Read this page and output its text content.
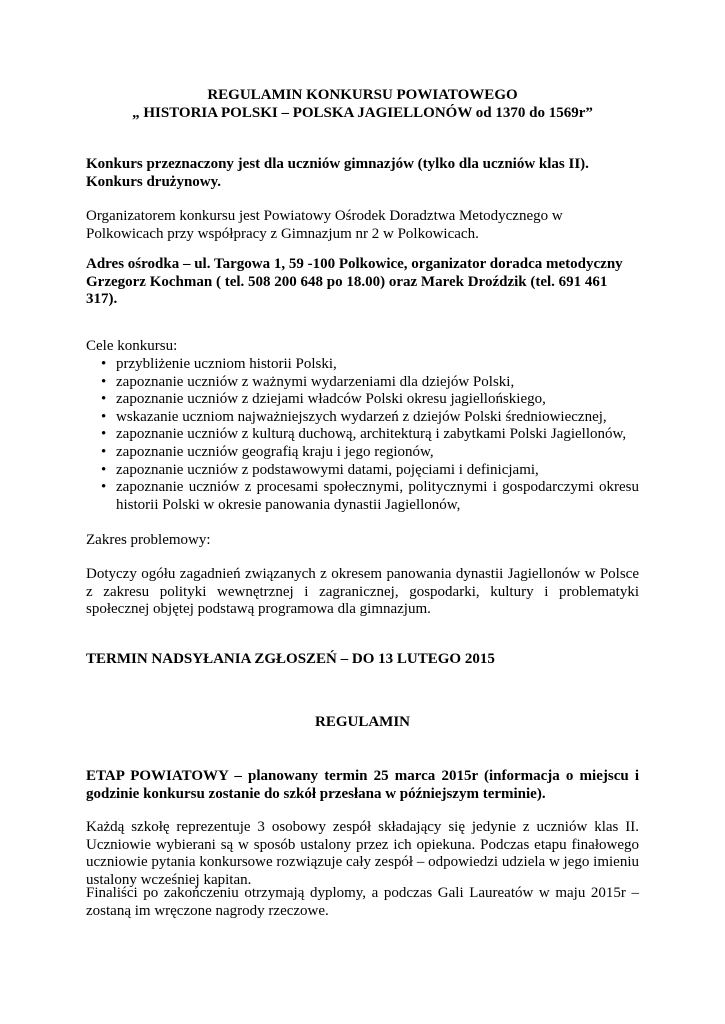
REGULAMIN KONKURSU POWIATOWEGO

„ HISTORIA POLSKI – POLSKA JAGIELLONÓW od 1370 do 1569r”

Konkurs przeznaczony jest dla uczniów gimnazjów (tylko dla uczniów klas II). Konkurs drużynowy.

Organizatorem konkursu jest Powiatowy Ośrodek Doradztwa Metodycznego w Polkowicach przy współpracy z Gimnazjum nr 2 w Polkowicach.

Adres ośrodka – ul. Targowa 1, 59 -100 Polkowice, organizator doradca metodyczny Grzegorz Kochman ( tel. 508 200 648 po 18.00) oraz Marek Droździk (tel. 691 461 317).

Cele konkursu:

• przybliżenie uczniom historii Polski,
• zapoznanie uczniów z ważnymi wydarzeniami dla dziejów Polski,
• zapoznanie uczniów z dziejami władców Polski okresu jagiellońskiego,
• wskazanie uczniom najważniejszych wydarzeń z dziejów Polski średniowiecznej,
• zapoznanie uczniów z kulturą duchową, architekturą i zabytkami Polski Jagiellonów,
• zapoznanie uczniów geografią kraju i jego regionów,
• zapoznanie uczniów z podstawowymi datami, pojęciami i definicjami,
• zapoznanie uczniów z procesami społecznymi, politycznymi i gospodarczymi okresu historii Polski w okresie panowania dynastii Jagiellonów,

Zakres problemowy:

Dotyczy ogółu zagadnień związanych z okresem panowania dynastii Jagiellonów w Polsce z zakresu polityki wewnętrznej i zagranicznej, gospodarki, kultury i problematyki społecznej objętej podstawą programowa dla gimnazjum.

TERMIN NADSYŁANIA ZGŁOSZEŃ – DO 13 LUTEGO 2015

REGULAMIN

ETAP POWIATOWY – planowany termin 25 marca 2015r (informacja o miejscu i godzinie konkursu zostanie do szkół przesłana w późniejszym terminie).

Każdą szkołę reprezentuje 3 osobowy zespół składający się jedynie z uczniów klas II. Uczniowie wybierani są w sposób ustalony przez ich opiekuna. Podczas etapu finałowego uczniowie pytania konkursowe rozwiązuje cały zespół – odpowiedzi udziela w jego imieniu ustalony wcześniej kapitan.

Finaliści po zakończeniu otrzymają dyplomy, a podczas Gali Laureatów w maju 2015r – zostaną im wręczone nagrody rzeczowe.
